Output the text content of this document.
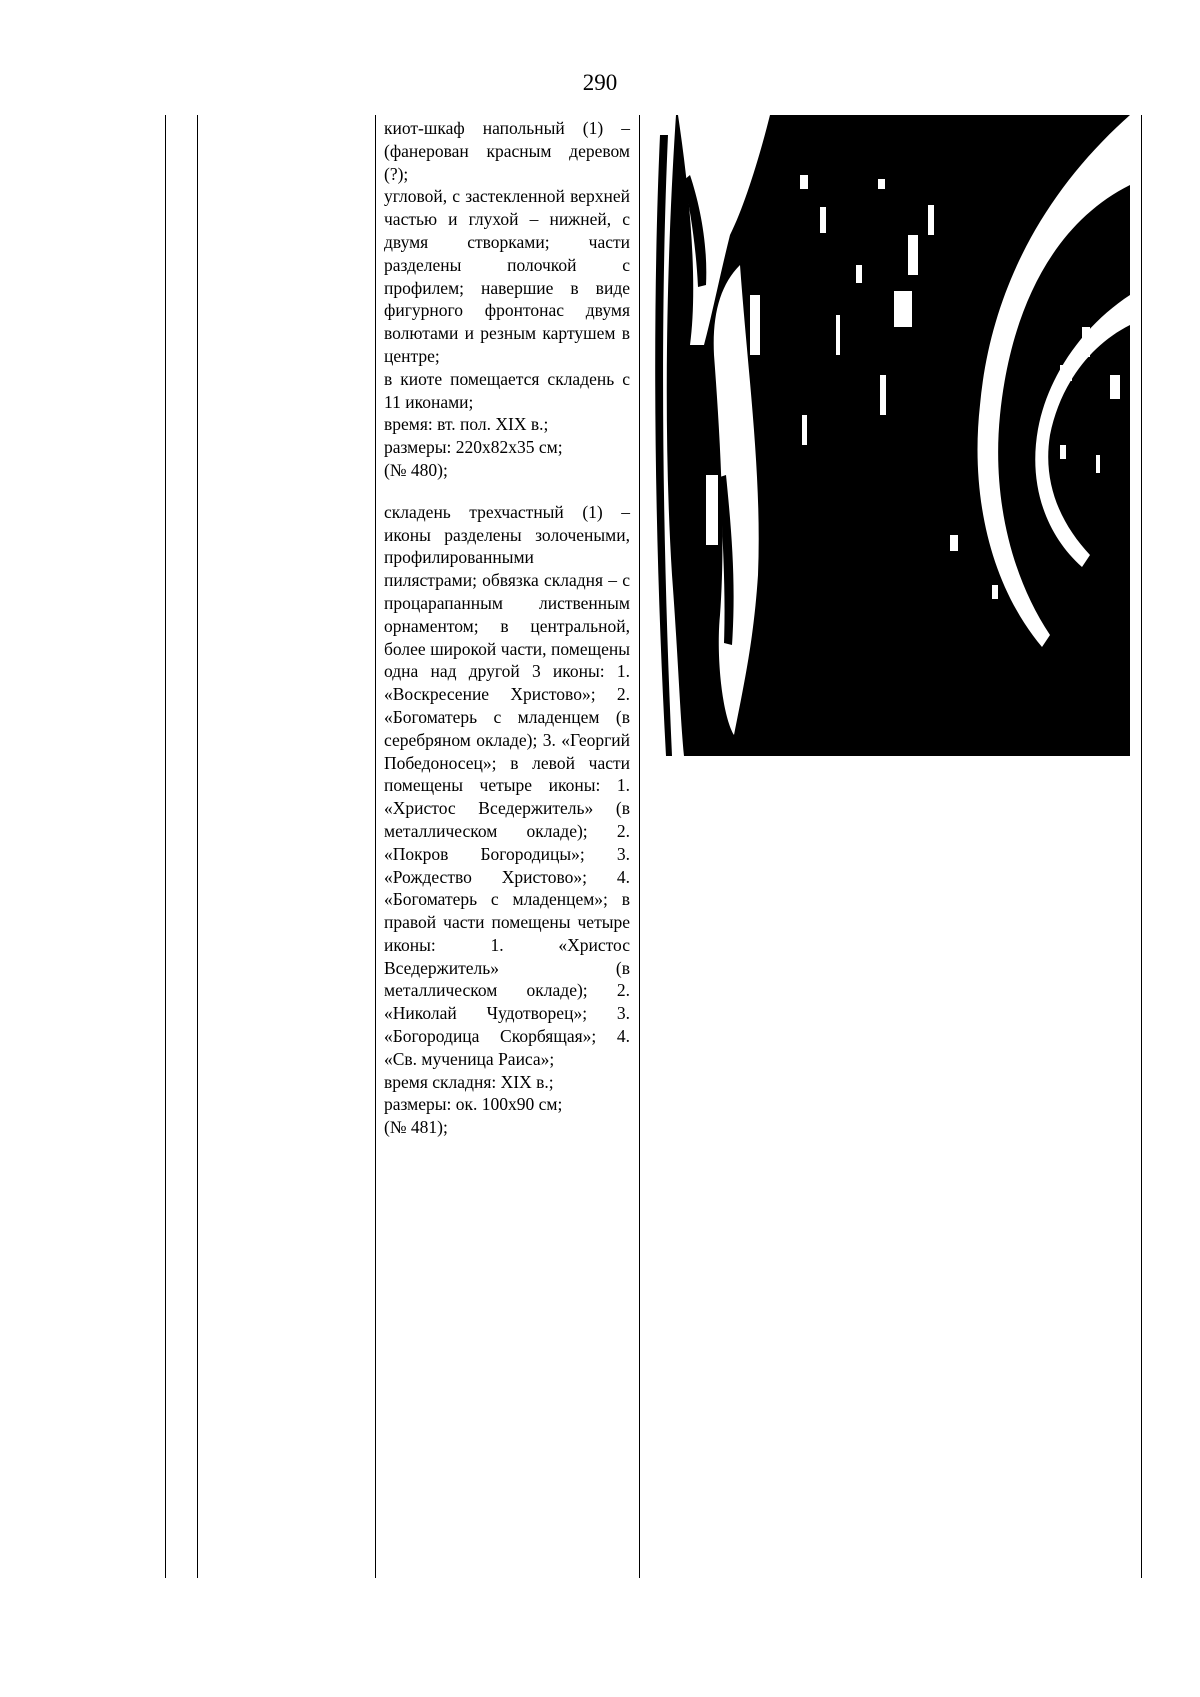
290

киот-шкаф напольный (1) – (фанерован красным деревом (?);

угловой, с застекленной верхней частью и глухой – нижней, с двумя створками; части разделены полочкой с профилем; навершие в виде фигурного фронтонас двумя волютами и резным картушем в центре;

в киоте помещается складень с 11 иконами;

время: вт. пол. XIX в.;

размеры: 220х82х35 см;

(№ 480);

складень трехчастный (1) – иконы разделены золочеными, профилированными пилястрами; обвязка складня – с процарапанным лиственным орнаментом; в центральной, более широкой части, помещены одна над другой 3 иконы: 1. «Воскресение Христово»; 2. «Богоматерь с младенцем (в серебряном окладе); 3. «Георгий Победоносец»; в левой части помещены четыре иконы: 1. «Христос Вседержитель» (в металлическом окладе); 2. «Покров Богородицы»; 3. «Рождество Христово»; 4. «Богоматерь с младенцем»; в правой части помещены четыре иконы: 1. «Христос Вседержитель» (в металлическом окладе); 2. «Николай Чудотворец»; 3. «Богородица Скорбящая»; 4. «Св. мученица Раиса»;

время складня: XIX в.;

размеры: ок. 100х90 см;

(№ 481);
